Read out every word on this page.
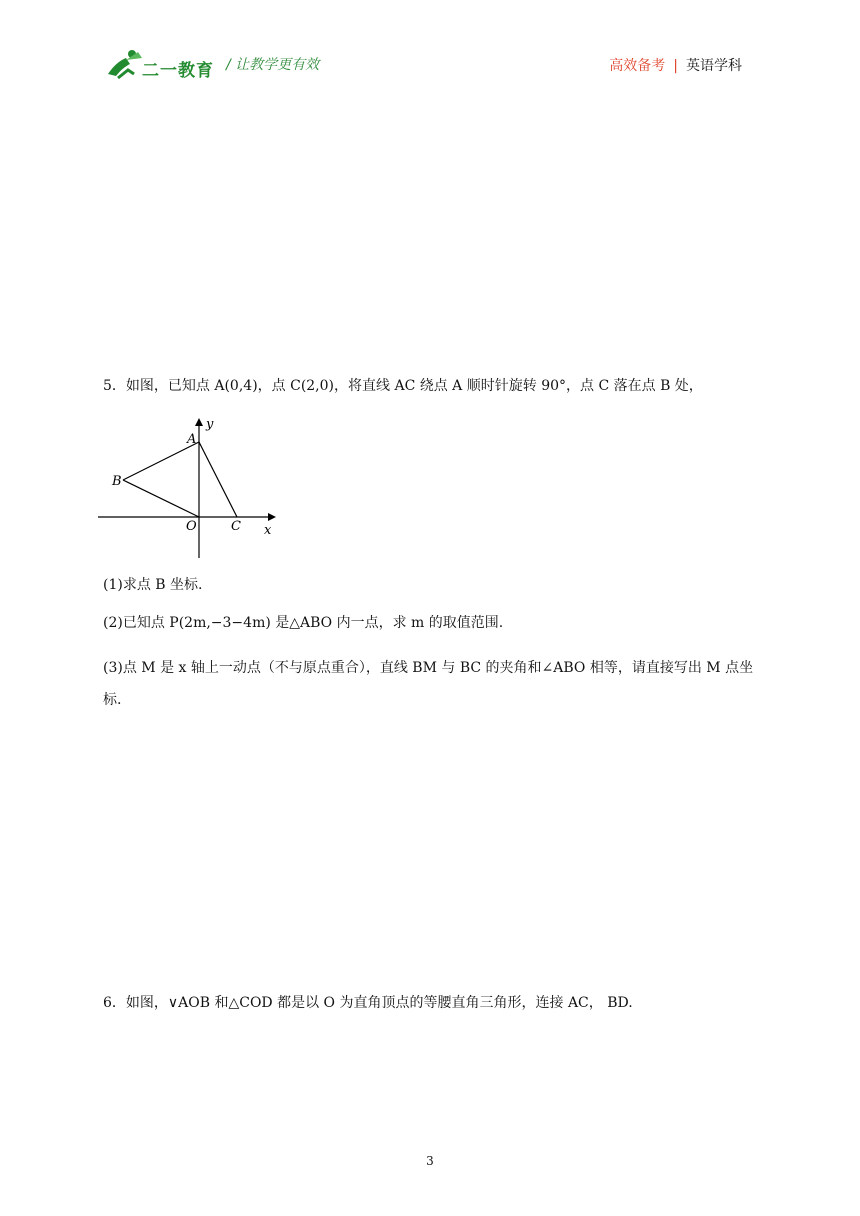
二一教育 / 让教学更有效	高效备考 | 英语学科
5．如图，已知点 A(0,4)，点 C(2,0)，将直线 AC 绕点 A 顺时针旋转 90°，点 C 落在点 B 处，
A
y
B
O	C x
(1)求点 B 坐标.
(2)已知点 P(2m,−3−4m) 是△ABO 内一点，求 m 的取值范围.
(3)点 M 是 x 轴上一动点（不与原点重合），直线 BM 与 BC 的夹角和∠ABO 相等，请直接写出 M 点坐标.
6．如图，∨AOB 和△COD 都是以 O 为直角顶点的等腰直角三角形，连接 AC， BD.
3
